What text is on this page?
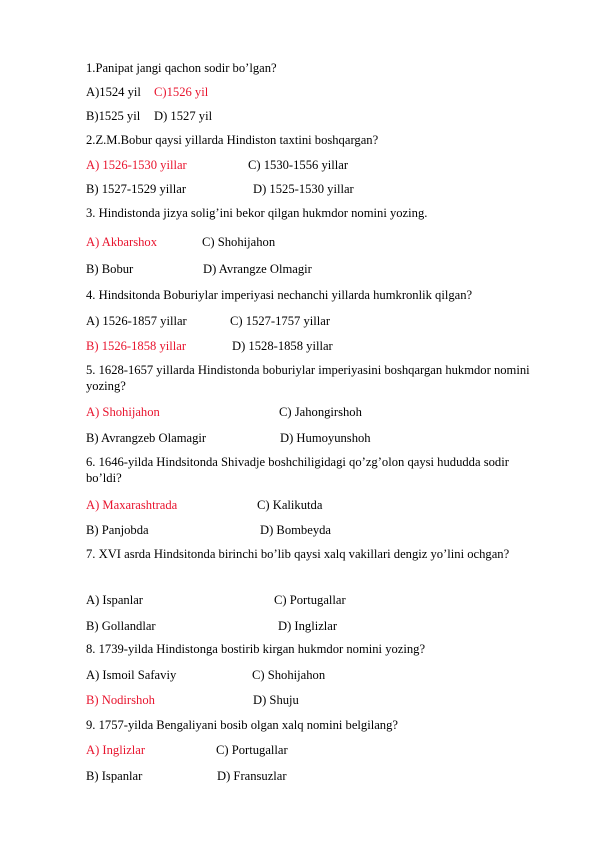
1.Panipat jangi qachon sodir bo’lgan?
A)1524 yil C)1526 yil
B)1525 yil D) 1527 yil
2.Z.M.Bobur qaysi yillarda Hindiston taxtini boshqargan?
A) 1526-1530 yillar	C) 1530-1556 yillar
B) 1527-1529 yillar	D) 1525-1530 yillar
3. Hindistonda jizya solig’ini bekor qilgan hukmdor nomini yozing.
A) Akbarshox	C) Shohijahon
B) Bobur	D) Avrangze Olmagir
4. Hindsitonda Boburiylar imperiyasi nechanchi yillarda humkronlik qilgan?
A) 1526-1857 yillar	C) 1527-1757 yillar
B) 1526-1858 yillar	D) 1528-1858 yillar
5. 1628-1657 yillarda Hindistonda boburiylar imperiyasini boshqargan hukmdor nomini yozing?
A) Shohijahon	C) Jahongirshoh
B) Avrangzeb Olamagir	D) Humoyunshoh
6. 1646-yilda Hindsitonda Shivadje boshchiligidagi qo’zg’olon qaysi hududda sodir bo’ldi?
A) Maxarashtrada	C) Kalikutda
B) Panjobda	D) Bombeyda
7. XVI asrda Hindsitonda birinchi bo’lib qaysi xalq vakillari dengiz yo’lini ochgan?
A) Ispanlar	C) Portugallar
B) Gollandlar	D) Inglizlar
8. 1739-yilda Hindistonga bostirib kirgan hukmdor nomini yozing?
A) Ismoil Safaviy	C) Shohijahon
B) Nodirshoh	D) Shuju
9. 1757-yilda Bengaliyani bosib olgan xalq nomini belgilang?
A) Inglizlar	C) Portugallar
B) Ispanlar	D) Fransuzlar
